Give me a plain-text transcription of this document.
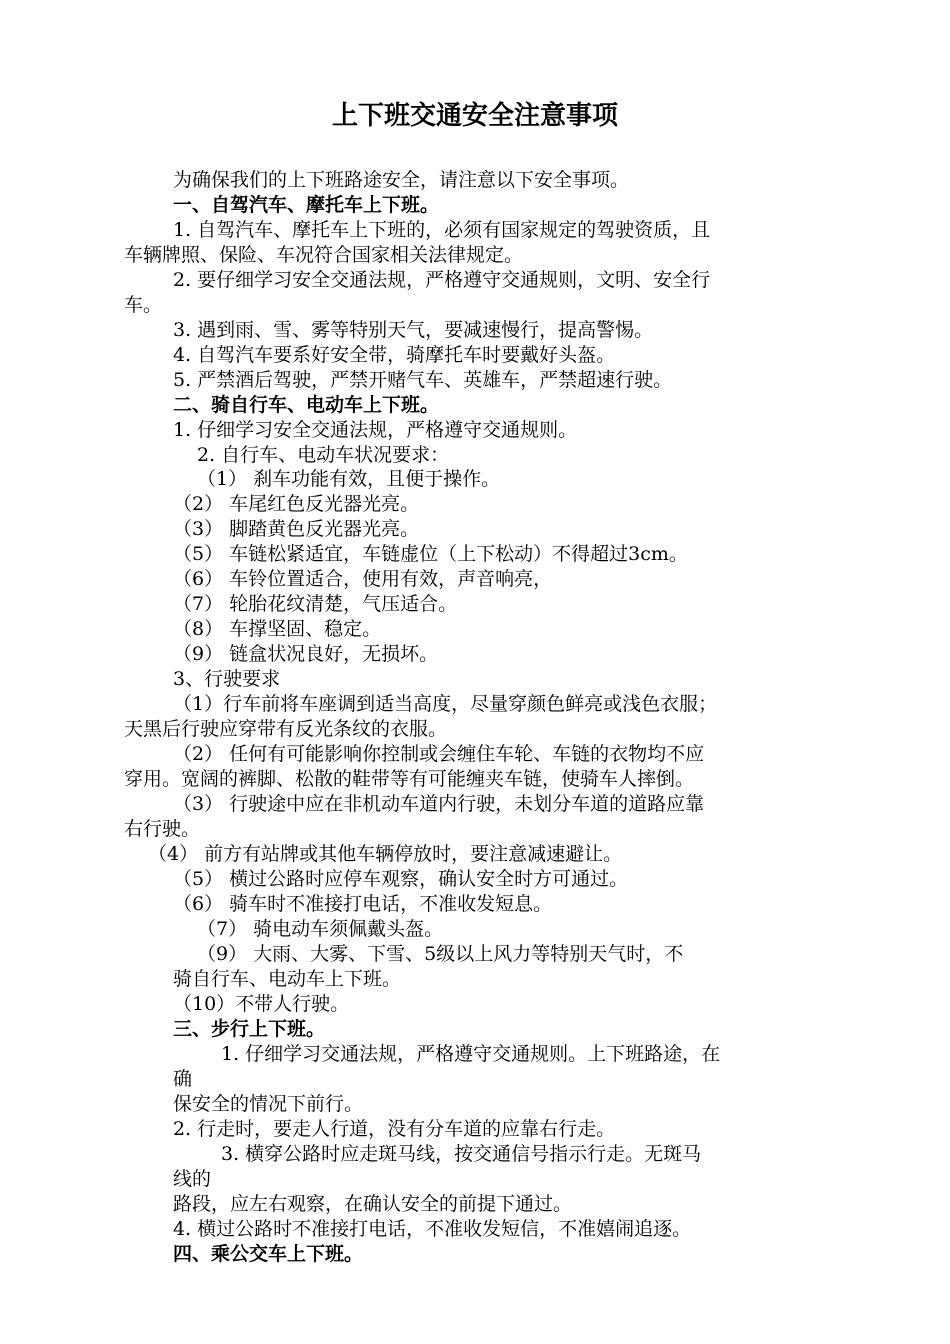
上下班交通安全注意事项
为确保我们的上下班路途安全，请注意以下安全事项。
一、自驾汽车、摩托车上下班。
1. 自驾汽车、摩托车上下班的，必须有国家规定的驾驶资质，且
车辆牌照、保险、车况符合国家相关法律规定。
2. 要仔细学习安全交通法规，严格遵守交通规则，文明、安全行
车。
3. 遇到雨、雪、雾等特别天气，要减速慢行，提高警惕。
4. 自驾汽车要系好安全带，骑摩托车时要戴好头盔。
5. 严禁酒后驾驶，严禁开赌气车、英雄车，严禁超速行驶。
二、骑自行车、电动车上下班。
1. 仔细学习安全交通法规，严格遵守交通规则。
2. 自行车、电动车状况要求：
（1） 刹车功能有效，且便于操作。
（2） 车尾红色反光器光亮。
（3） 脚踏黄色反光器光亮。
（5） 车链松紧适宜，车链虚位（上下松动）不得超过3cm。
（6） 车铃位置适合，使用有效，声音响亮，
（7） 轮胎花纹清楚，气压适合。
（8） 车撑坚固、稳定。
（9） 链盒状况良好，无损坏。
3、行驶要求
（1）行车前将车座调到适当高度，尽量穿颜色鲜亮或浅色衣服；
天黑后行驶应穿带有反光条纹的衣服。
（2） 任何有可能影响你控制或会缠住车轮、车链的衣物均不应
穿用。宽阔的裤脚、松散的鞋带等有可能缠夹车链，使骑车人摔倒。
（3） 行驶途中应在非机动车道内行驶，未划分车道的道路应靠
右行驶。
（4） 前方有站牌或其他车辆停放时，要注意减速避让。
（5） 横过公路时应停车观察，确认安全时方可通过。
（6） 骑车时不准接打电话，不准收发短息。
（7） 骑电动车须佩戴头盔。
（9） 大雨、大雾、下雪、5级以上风力等特别天气时，不
骑自行车、电动车上下班。
（10）不带人行驶。
三、步行上下班。
1. 仔细学习交通法规，严格遵守交通规则。上下班路途，在
确
保安全的情况下前行。
2. 行走时，要走人行道，没有分车道的应靠右行走。
3. 横穿公路时应走斑马线，按交通信号指示行走。无斑马
线的
路段，应左右观察，在确认安全的前提下通过。
4. 横过公路时不准接打电话，不准收发短信，不准嬉闹追逐。
四、乘公交车上下班。
